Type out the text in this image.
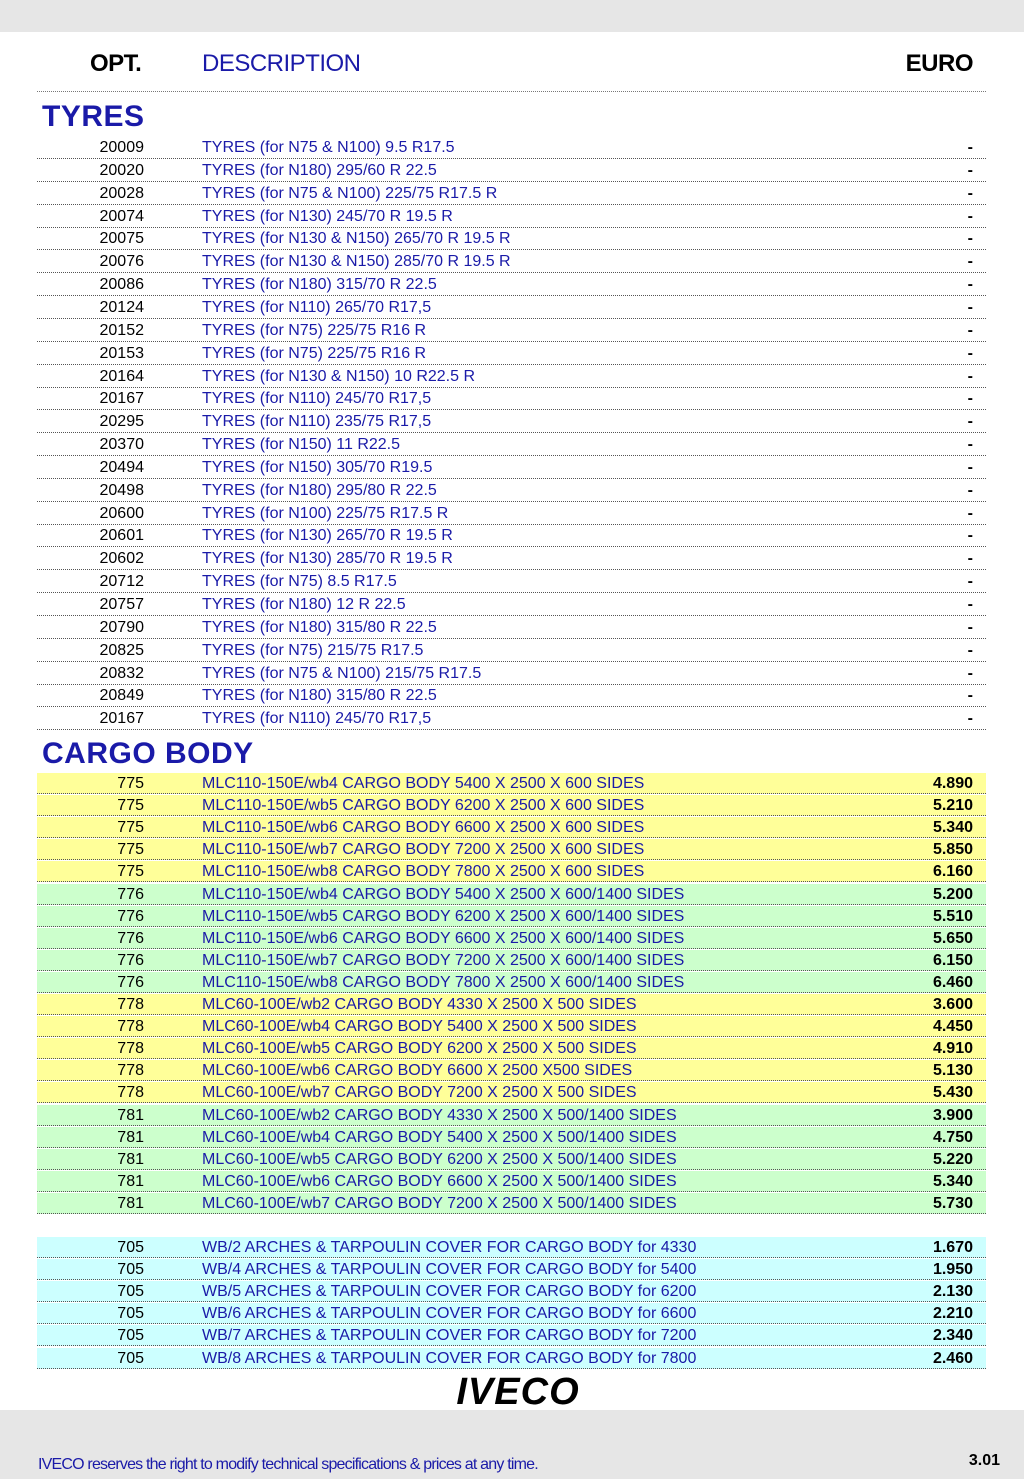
OPT.	DESCRIPTION	EURO
TYRES
20009	TYRES (for N75 & N100) 9.5 R17.5	-
20020	TYRES (for N180) 295/60 R 22.5	-
20028	TYRES (for N75 & N100) 225/75 R17.5 R	-
20074	TYRES (for N130) 245/70 R 19.5 R	-
20075	TYRES (for N130 & N150) 265/70 R 19.5 R	-
20076	TYRES (for N130 & N150) 285/70 R 19.5 R	-
20086	TYRES (for N180) 315/70 R 22.5	-
20124	TYRES (for N110) 265/70 R17,5	-
20152	TYRES (for N75) 225/75 R16 R	-
20153	TYRES (for N75) 225/75 R16 R	-
20164	TYRES (for N130 & N150) 10 R22.5 R	-
20167	TYRES (for N110) 245/70 R17,5	-
20295	TYRES (for N110) 235/75 R17,5	-
20370	TYRES (for N150) 11 R22.5	-
20494	TYRES (for N150) 305/70 R19.5	-
20498	TYRES (for N180) 295/80 R 22.5	-
20600	TYRES (for N100) 225/75 R17.5 R	-
20601	TYRES (for N130) 265/70 R 19.5 R	-
20602	TYRES (for N130) 285/70 R 19.5 R	-
20712	TYRES (for N75) 8.5 R17.5	-
20757	TYRES (for N180) 12 R 22.5	-
20790	TYRES (for N180) 315/80 R 22.5	-
20825	TYRES (for N75) 215/75 R17.5	-
20832	TYRES (for N75 & N100) 215/75 R17.5	-
20849	TYRES (for N180) 315/80 R 22.5	-
20167	TYRES (for N110) 245/70 R17,5	-
CARGO BODY
775	MLC110-150E/wb4 CARGO BODY 5400 X 2500 X 600 SIDES	4.890
775	MLC110-150E/wb5 CARGO BODY 6200 X 2500 X 600 SIDES	5.210
775	MLC110-150E/wb6 CARGO BODY 6600 X 2500 X 600 SIDES	5.340
775	MLC110-150E/wb7 CARGO BODY 7200 X 2500 X 600 SIDES	5.850
775	MLC110-150E/wb8 CARGO BODY 7800 X 2500 X 600 SIDES	6.160
776	MLC110-150E/wb4 CARGO BODY 5400 X 2500 X 600/1400 SIDES	5.200
776	MLC110-150E/wb5 CARGO BODY 6200 X 2500 X 600/1400 SIDES	5.510
776	MLC110-150E/wb6 CARGO BODY 6600 X 2500 X 600/1400 SIDES	5.650
776	MLC110-150E/wb7 CARGO BODY 7200 X 2500 X 600/1400 SIDES	6.150
776	MLC110-150E/wb8 CARGO BODY 7800 X 2500 X 600/1400 SIDES	6.460
778	MLC60-100E/wb2 CARGO BODY 4330 X 2500 X 500 SIDES	3.600
778	MLC60-100E/wb4 CARGO BODY 5400 X 2500 X 500 SIDES	4.450
778	MLC60-100E/wb5 CARGO BODY 6200 X 2500 X 500 SIDES	4.910
778	MLC60-100E/wb6 CARGO BODY 6600 X 2500 X500 SIDES	5.130
778	MLC60-100E/wb7 CARGO BODY 7200 X 2500 X 500 SIDES	5.430
781	MLC60-100E/wb2 CARGO BODY 4330 X 2500 X 500/1400 SIDES	3.900
781	MLC60-100E/wb4 CARGO BODY 5400 X 2500 X 500/1400 SIDES	4.750
781	MLC60-100E/wb5 CARGO BODY 6200 X 2500 X 500/1400 SIDES	5.220
781	MLC60-100E/wb6 CARGO BODY 6600 X 2500 X 500/1400 SIDES	5.340
781	MLC60-100E/wb7 CARGO BODY 7200 X 2500 X 500/1400 SIDES	5.730
705	WB/2 ARCHES & TARPOULIN COVER FOR CARGO BODY for 4330	1.670
705	WB/4 ARCHES & TARPOULIN COVER FOR CARGO BODY for 5400	1.950
705	WB/5 ARCHES & TARPOULIN COVER FOR CARGO BODY for 6200	2.130
705	WB/6 ARCHES & TARPOULIN COVER FOR CARGO BODY for 6600	2.210
705	WB/7 ARCHES & TARPOULIN COVER FOR CARGO BODY for 7200	2.340
705	WB/8 ARCHES & TARPOULIN COVER FOR CARGO BODY for 7800	2.460
IVECO
IVECO reserves the right to modify technical specifications & prices at any time.	3.01
